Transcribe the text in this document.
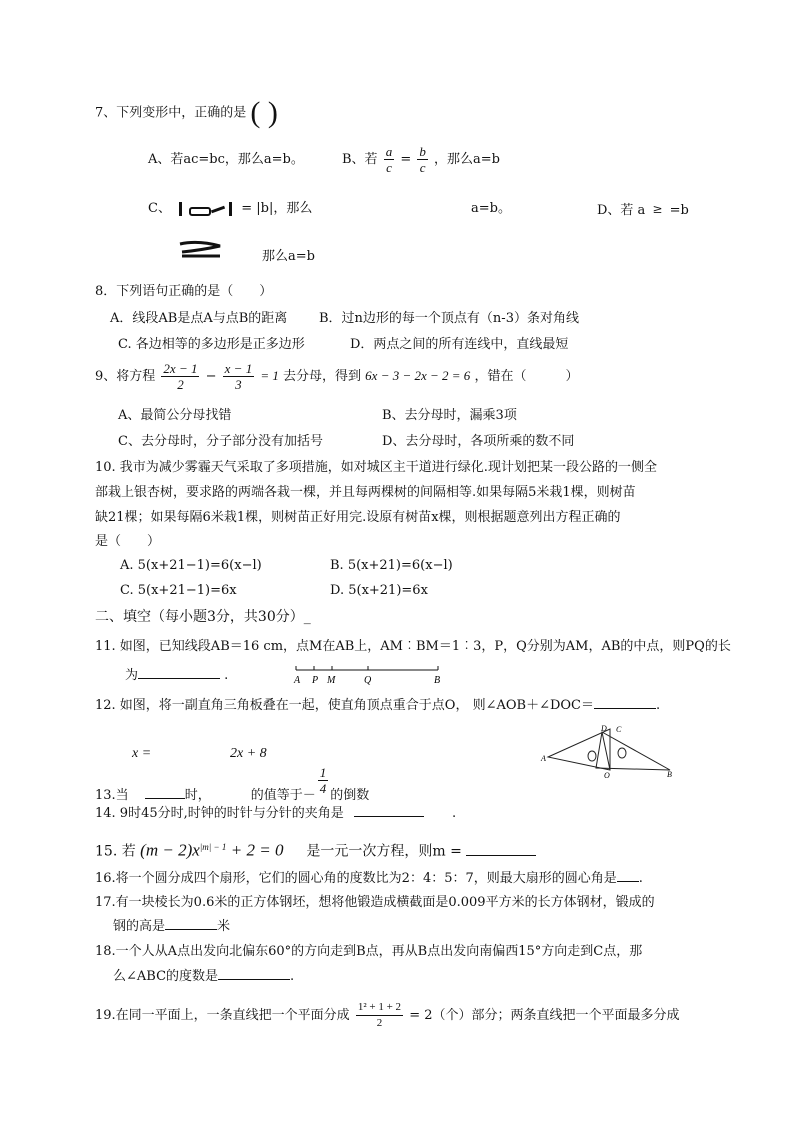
7、下列变形中，正确的是 ( )
A、若ac=bc，那么a=b。	B、若 $\frac{a}{c} = \frac{b}{c}$ ，那么a=b
C、	= |b|，那么	a=b。	D、若 a ≥ =b
那么a=b
8．下列语句正确的是（　　）
A．线段AB是点A与点B的距离 B．过n边形的每一个顶点有（n-3）条对角线
C. 各边相等的多边形是正多边形	D．两点之间的所有连线中，直线最短
9、将方程 $\frac{2x - 1}{2} - \frac{x - 1}{3} = 1$ 去分母，得到 6x − 3 − 2x − 2 = 6 ，错在（　　　）
A、最简公分母找错	B、去分母时，漏乘3项
C、去分母时，分子部分没有加括号	D、去分母时，各项所乘的数不同
10. 我市为减少雾霾天气采取了多项措施，如对城区主干道进行绿化.现计划把某一段公路的一侧全
部栽上银杏树，要求路的两端各栽一棵，并且每两棵树的间隔相等.如果每隔5米栽1棵，则树苗
缺21棵；如果每隔6米栽1棵，则树苗正好用完.设原有树苗x棵，则根据题意列出方程正确的
是（　　）
A. 5(x+21−1)=6(x−l)	B. 5(x+21)=6(x−l)
C. 5(x+21−1)=6x	D. 5(x+21)=6x
二、填空（每小题3分，共30分）_
11. 如图，已知线段AB＝16 cm，点M在AB上，AM︰BM＝1︰3，P，Q分别为AM，AB的中点，则PQ的长
为	.	A P M	Q	B
12. 如图，将一副直角三角板叠在一起，使直角顶点重合于点O， 则∠AOB＋∠DOC＝	.
A
B
C
D
O
x =	2x + 8
13.当	时，	的值等于－ $\frac{1}{4}$ 的倒数
14. 9时45分时,时钟的时针与分针的夹角是	.
15. 若 $(m - 2)x^{|m| - 1} + 2 = 0$ 是一元一次方程，则m =
16.将一个圆分成四个扇形，它们的圆心角的度数比为2：4：5：7，则最大扇形的圆心角是 .
17.有一块棱长为0.6米的正方体钢坯，想将他锻造成横截面是0.009平方米的长方体钢材，锻成的
钢的高是	米
18.一个人从A点出发向北偏东60°的方向走到B点，再从B点出发向南偏西15°方向走到C点，那
么∠ABC的度数是	.
19.在同一平面上，一条直线把一个平面分成 $\frac{\text{1² + 1 + 2}}{2} = 2$（个）部分；两条直线把一个平面最多分成
